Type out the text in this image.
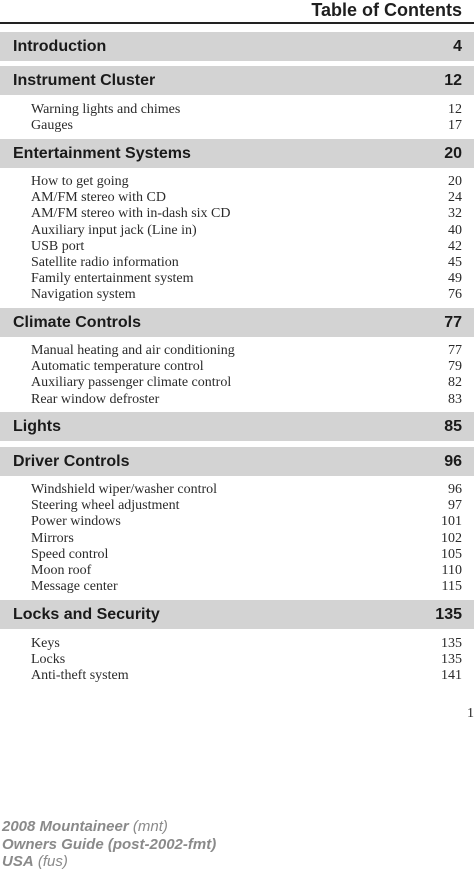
Table of Contents
Introduction	4
Instrument Cluster	12
Warning lights and chimes	12
Gauges	17
Entertainment Systems	20
How to get going	20
AM/FM stereo with CD	24
AM/FM stereo with in-dash six CD	32
Auxiliary input jack (Line in)	40
USB port	42
Satellite radio information	45
Family entertainment system	49
Navigation system	76
Climate Controls	77
Manual heating and air conditioning	77
Automatic temperature control	79
Auxiliary passenger climate control	82
Rear window defroster	83
Lights	85
Driver Controls	96
Windshield wiper/washer control	96
Steering wheel adjustment	97
Power windows	101
Mirrors	102
Speed control	105
Moon roof	110
Message center	115
Locks and Security	135
Keys	135
Locks	135
Anti-theft system	141
1
2008 Mountaineer (mnt)
Owners Guide (post-2002-fmt)
USA (fus)
